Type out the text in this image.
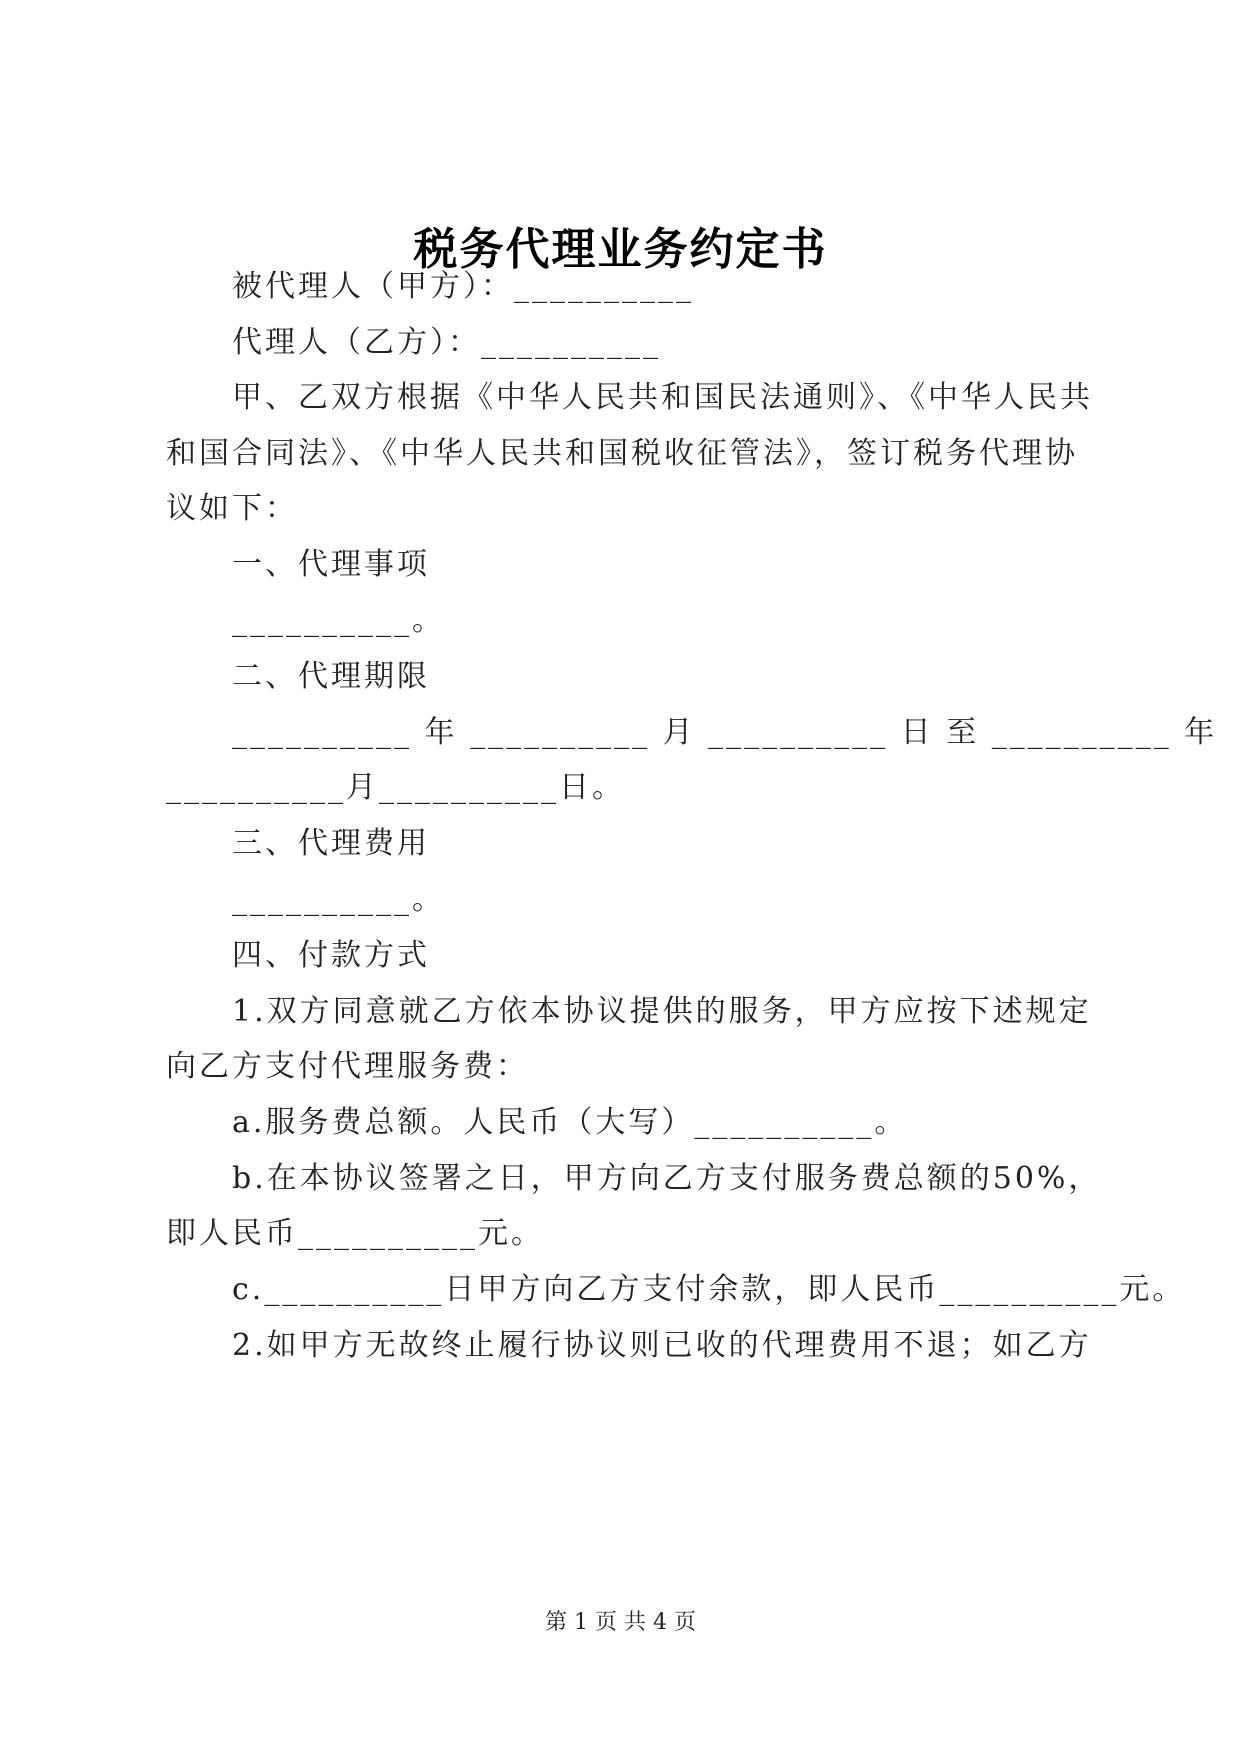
税务代理业务约定书
被代理人（甲方）：__________
代理人（乙方）：__________
甲、乙双方根据《中华人民共和国民法通则》、《中华人民共
和国合同法》、《中华人民共和国税收征管法》，签订税务代理协
议如下：
一、代理事项
__________。
二、代理期限
__________ 年 __________ 月 __________ 日 至 __________ 年
__________月__________日。
三、代理费用
__________。
四、付款方式
1.双方同意就乙方依本协议提供的服务，甲方应按下述规定
向乙方支付代理服务费：
a.服务费总额。人民币（大写）__________。
b.在本协议签署之日，甲方向乙方支付服务费总额的50%，
即人民币__________元。
c.__________日甲方向乙方支付余款，即人民币__________元。
2.如甲方无故终止履行协议则已收的代理费用不退；如乙方
第 1 页 共 4 页
